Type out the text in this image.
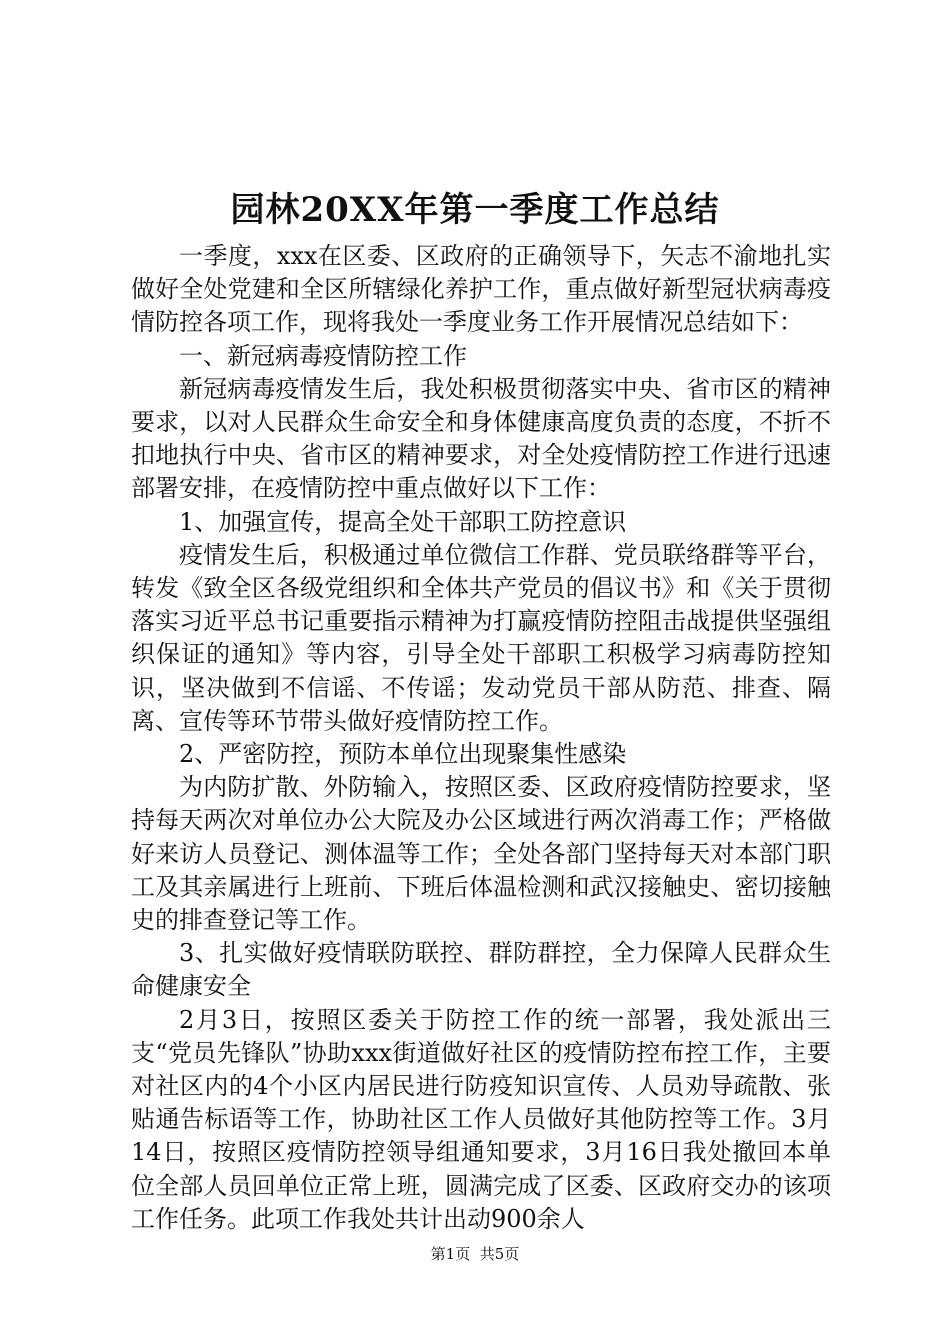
园林20XX年第一季度工作总结

一季度，xxx在区委、区政府的正确领导下，矢志不渝地扎实做好全处党建和全区所辖绿化养护工作，重点做好新型冠状病毒疫情防控各项工作，现将我处一季度业务工作开展情况总结如下：

一、新冠病毒疫情防控工作

新冠病毒疫情发生后，我处积极贯彻落实中央、省市区的精神要求，以对人民群众生命安全和身体健康高度负责的态度，不折不扣地执行中央、省市区的精神要求，对全处疫情防控工作进行迅速部署安排，在疫情防控中重点做好以下工作：

1、加强宣传，提高全处干部职工防控意识

疫情发生后，积极通过单位微信工作群、党员联络群等平台，转发《致全区各级党组织和全体共产党员的倡议书》和《关于贯彻落实习近平总书记重要指示精神为打赢疫情防控阻击战提供坚强组织保证的通知》等内容，引导全处干部职工积极学习病毒防控知识，坚决做到不信谣、不传谣；发动党员干部从防范、排查、隔离、宣传等环节带头做好疫情防控工作。

2、严密防控，预防本单位出现聚集性感染

为内防扩散、外防输入，按照区委、区政府疫情防控要求，坚持每天两次对单位办公大院及办公区域进行两次消毒工作；严格做好来访人员登记、测体温等工作；全处各部门坚持每天对本部门职工及其亲属进行上班前、下班后体温检测和武汉接触史、密切接触史的排查登记等工作。

3、扎实做好疫情联防联控、群防群控，全力保障人民群众生命健康安全

2月3日，按照区委关于防控工作的统一部署，我处派出三支“党员先锋队”协助xxx街道做好社区的疫情防控布控工作，主要对社区内的4个小区内居民进行防疫知识宣传、人员劝导疏散、张贴通告标语等工作，协助社区工作人员做好其他防控等工作。3月14日，按照区疫情防控领导组通知要求，3月16日我处撤回本单位全部人员回单位正常上班，圆满完成了区委、区政府交办的该项工作任务。此项工作我处共计出动900余人

第1页 共5页
